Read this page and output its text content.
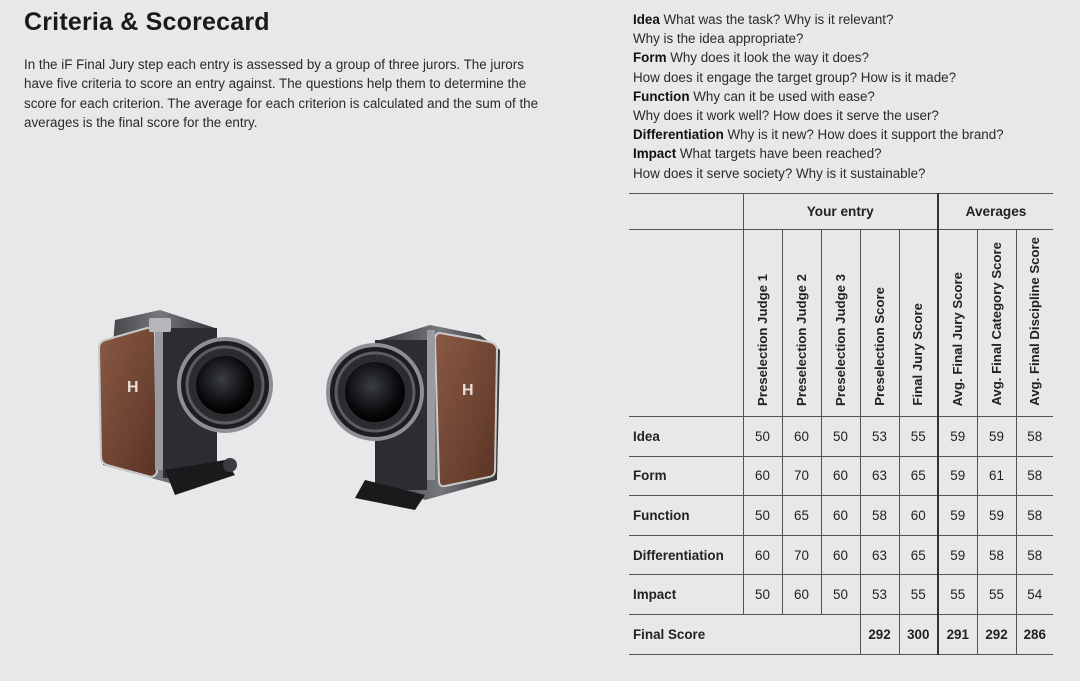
Criteria & Scorecard

In the iF Final Jury step each entry is assessed by a group of three jurors. The jurors have five criteria to score an entry against. The questions help them to determine the score for each criterion. The average for each criterion is calculated and the sum of the averages is the final score for the entry.

Idea What was the task? Why is it relevant?
Why is the idea appropriate?
Form Why does it look the way it does?
How does it engage the target group? How is it made?
Function Why can it be used with ease?
Why does it work well? How does it serve the user?
Differentiation Why is it new? How does it support the brand?
Impact What targets have been reached?
How does it serve society? Why is it sustainable?
H	H
	Your entry					Averages		

	Preselection Judge 1	Preselection Judge 2	Preselection Judge 3	Preselection Score	Final Jury Score	Avg. Final Jury Score	Avg. Final Category Score	Avg. Final Discipline Score

Idea	50	60	50	53	55	59	59	58
Form	60	70	60	63	65	59	61	58
Function	50	65	60	58	60	59	59	58
Differentiation	60	70	60	63	65	59	58	58
Impact	50	60	50	53	55	55	55	54
Final Score				292	300	291	292	286
